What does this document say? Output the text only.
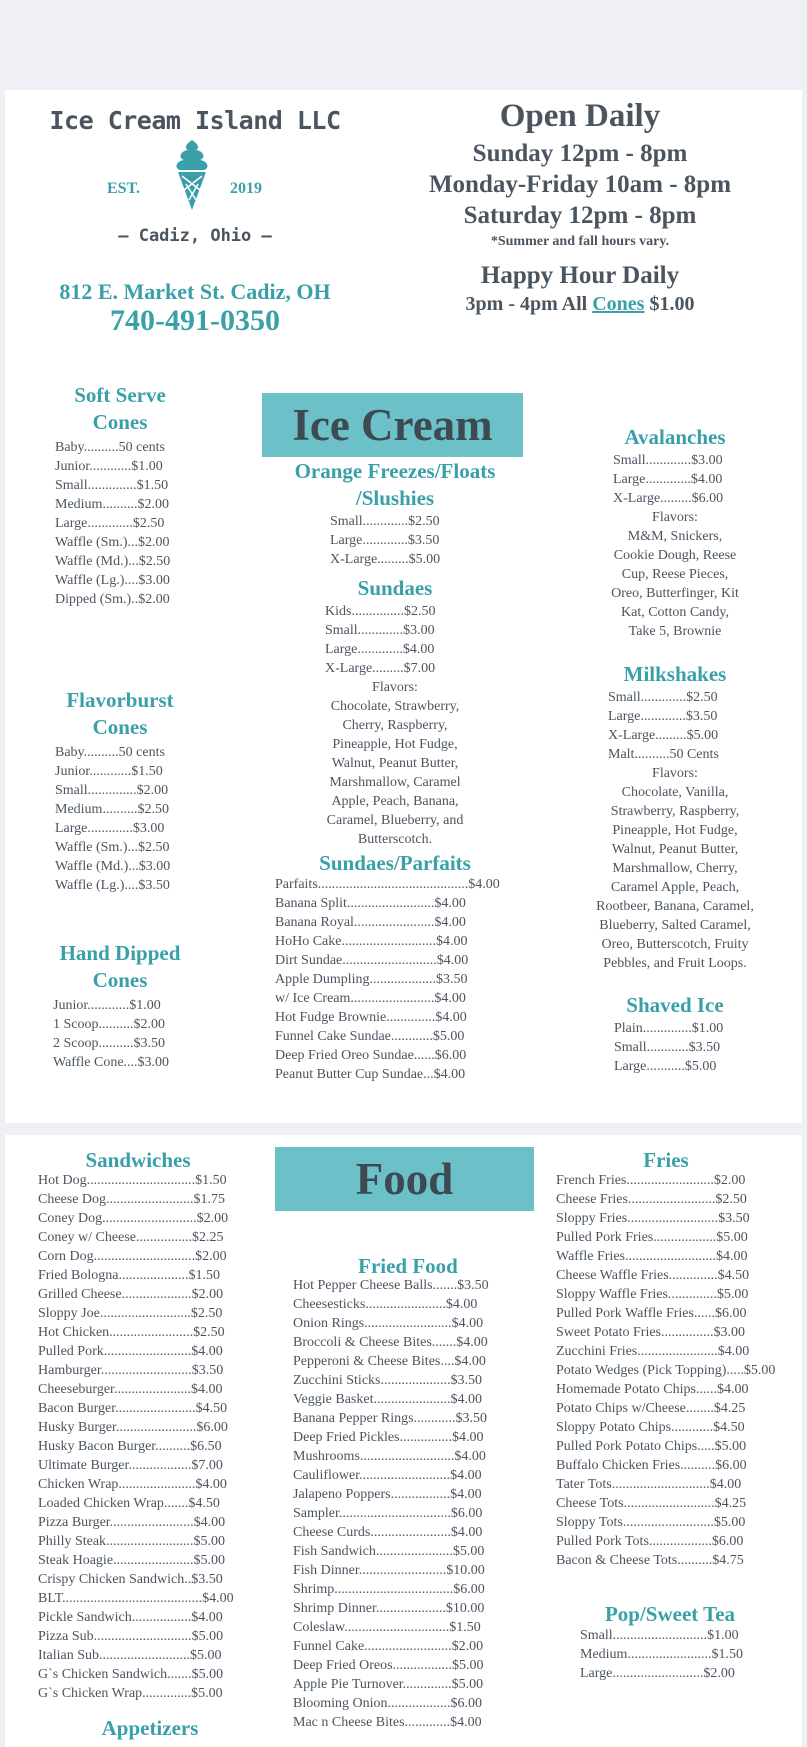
Ice Cream Island LLC
EST.	2019
— Cadiz, Ohio —
812 E. Market St. Cadiz, OH
740-491-0350
Open Daily
Sunday 12pm - 8pm
Monday-Friday 10am - 8pm
Saturday 12pm - 8pm
*Summer and fall hours vary.
Happy Hour Daily
3pm - 4pm All Cones $1.00
Ice Cream
Soft Serve
Cones
Baby..........50 cents
Junior............$1.00
Small..............$1.50
Medium..........$2.00
Large.............$2.50
Waffle (Sm.)...$2.00
Waffle (Md.)...$2.50
Waffle (Lg.)....$3.00
Dipped (Sm.)..$2.00
Flavorburst
Cones
Baby..........50 cents
Junior............$1.50
Small..............$2.00
Medium..........$2.50
Large.............$3.00
Waffle (Sm.)...$2.50
Waffle (Md.)...$3.00
Waffle (Lg.)....$3.50
Hand Dipped
Cones
Junior............$1.00
1 Scoop..........$2.00
2 Scoop..........$3.50
Waffle Cone....$3.00
Orange Freezes/Floats
/Slushies
Small.............$2.50
Large.............$3.50
X-Large.........$5.00
Sundaes
Kids...............$2.50
Small.............$3.00
Large.............$4.00
X-Large.........$7.00
Flavors:
Chocolate, Strawberry,
Cherry, Raspberry,
Pineapple, Hot Fudge,
Walnut, Peanut Butter,
Marshmallow, Caramel
Apple, Peach, Banana,
Caramel, Blueberry, and
Butterscotch.
Sundaes/Parfaits
Parfaits...........................................$4.00
Banana Split.........................$4.00
Banana Royal.......................$4.00
HoHo Cake...........................$4.00
Dirt Sundae...........................$4.00
Apple Dumpling...................$3.50
w/ Ice Cream........................$4.00
Hot Fudge Brownie..............$4.00
Funnel Cake Sundae............$5.00
Deep Fried Oreo Sundae......$6.00
Peanut Butter Cup Sundae...$4.00
Avalanches
Small.............$3.00
Large.............$4.00
X-Large.........$6.00
Flavors:
M&M, Snickers,
Cookie Dough, Reese
Cup, Reese Pieces,
Oreo, Butterfinger, Kit
Kat, Cotton Candy,
Take 5, Brownie
Milkshakes
Small.............$2.50
Large.............$3.50
X-Large.........$5.00
Malt..........50 Cents
Flavors:
Chocolate, Vanilla,
Strawberry, Raspberry,
Pineapple, Hot Fudge,
Walnut, Peanut Butter,
Marshmallow, Cherry,
Caramel Apple, Peach,
Rootbeer, Banana, Caramel,
Blueberry, Salted Caramel,
Oreo, Butterscotch, Fruity
Pebbles, and Fruit Loops.
Shaved Ice
Plain..............$1.00
Small............$3.50
Large...........$5.00
Food
Sandwiches
Hot Dog...............................$1.50
Cheese Dog.........................$1.75
Coney Dog...........................$2.00
Coney w/ Cheese................$2.25
Corn Dog.............................$2.00
Fried Bologna....................$1.50
Grilled Cheese....................$2.00
Sloppy Joe..........................$2.50
Hot Chicken........................$2.50
Pulled Pork.........................$4.00
Hamburger..........................$3.50
Cheeseburger......................$4.00
Bacon Burger.......................$4.50
Husky Burger.......................$6.00
Husky Bacon Burger..........$6.50
Ultimate Burger..................$7.00
Chicken Wrap......................$4.00
Loaded Chicken Wrap.......$4.50
Pizza Burger........................$4.00
Philly Steak.........................$5.00
Steak Hoagie.......................$5.00
Crispy Chicken Sandwich..$3.50
BLT........................................$4.00
Pickle Sandwich.................$4.00
Pizza Sub............................$5.00
Italian Sub..........................$5.00
G`s Chicken Sandwich.......$5.00
G`s Chicken Wrap..............$5.00
Appetizers
Fried Food
Hot Pepper Cheese Balls.......$3.50
Cheesesticks.......................$4.00
Onion Rings.........................$4.00
Broccoli & Cheese Bites.......$4.00
Pepperoni & Cheese Bites....$4.00
Zucchini Sticks....................$3.50
Veggie Basket......................$4.00
Banana Pepper Rings............$3.50
Deep Fried Pickles...............$4.00
Mushrooms...........................$4.00
Cauliflower..........................$4.00
Jalapeno Poppers.................$4.00
Sampler................................$6.00
Cheese Curds.......................$4.00
Fish Sandwich......................$5.00
Fish Dinner.........................$10.00
Shrimp..................................$6.00
Shrimp Dinner....................$10.00
Coleslaw..............................$1.50
Funnel Cake.........................$2.00
Deep Fried Oreos.................$5.00
Apple Pie Turnover..............$5.00
Blooming Onion..................$6.00
Mac n Cheese Bites.............$4.00
Fries
French Fries.........................$2.00
Cheese Fries.........................$2.50
Sloppy Fries..........................$3.50
Pulled Pork Fries..................$5.00
Waffle Fries..........................$4.00
Cheese Waffle Fries..............$4.50
Sloppy Waffle Fries..............$5.00
Pulled Pork Waffle Fries......$6.00
Sweet Potato Fries...............$3.00
Zucchini Fries.......................$4.00
Potato Wedges (Pick Topping).....$5.00
Homemade Potato Chips......$4.00
Potato Chips w/Cheese........$4.25
Sloppy Potato Chips............$4.50
Pulled Pork Potato Chips.....$5.00
Buffalo Chicken Fries..........$6.00
Tater Tots............................$4.00
Cheese Tots..........................$4.25
Sloppy Tots..........................$5.00
Pulled Pork Tots..................$6.00
Bacon & Cheese Tots..........$4.75
Pop/Sweet Tea
Small...........................$1.00
Medium........................$1.50
Large..........................$2.00
